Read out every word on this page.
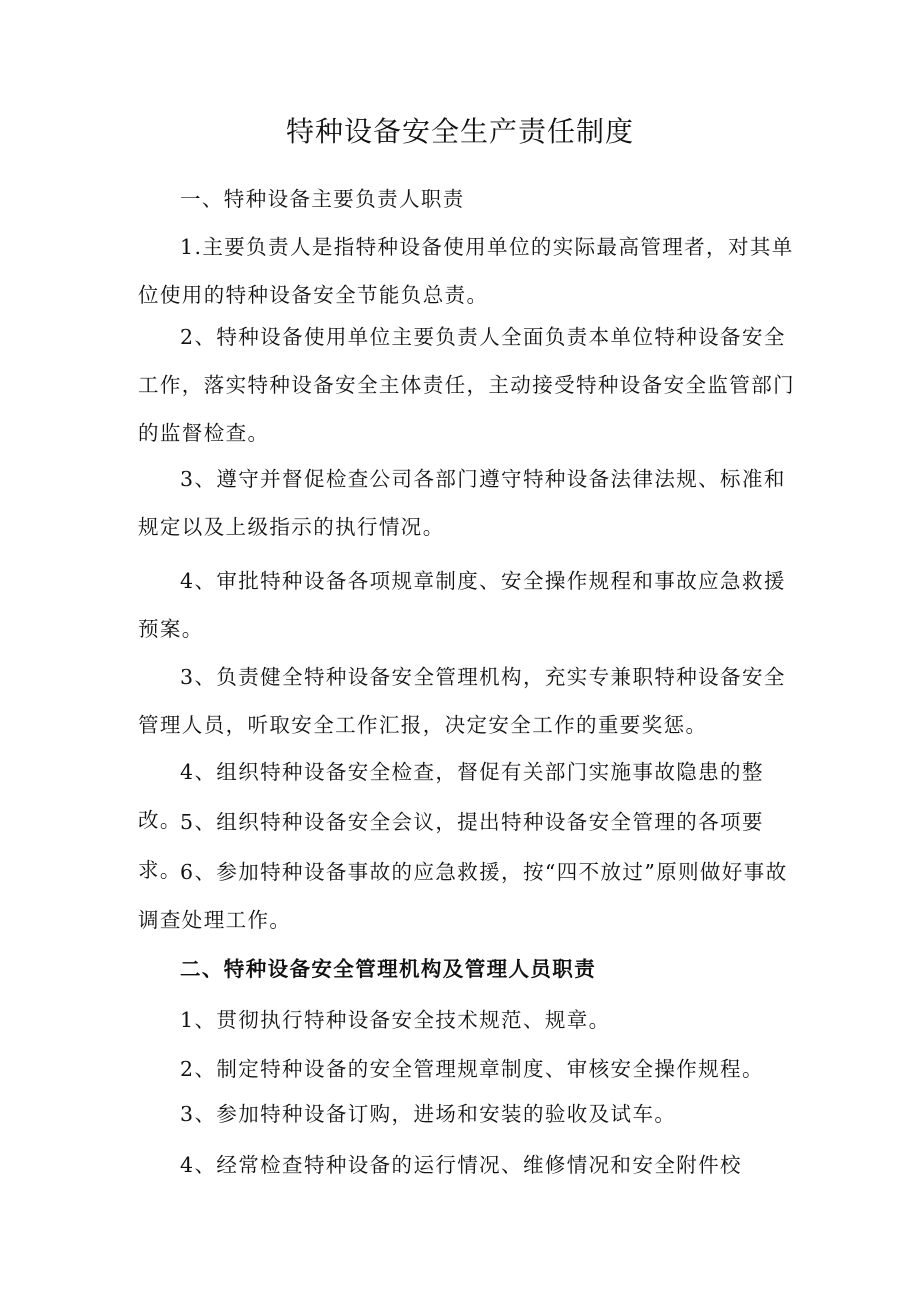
特种设备安全生产责任制度

一、特种设备主要负责人职责

1.主要负责人是指特种设备使用单位的实际最高管理者，对其单位使用的特种设备安全节能负总责。

2、特种设备使用单位主要负责人全面负责本单位特种设备安全工作，落实特种设备安全主体责任，主动接受特种设备安全监管部门的监督检查。

3、遵守并督促检查公司各部门遵守特种设备法律法规、标准和规定以及上级指示的执行情况。

4、审批特种设备各项规章制度、安全操作规程和事故应急救援预案。

3、负责健全特种设备安全管理机构，充实专兼职特种设备安全管理人员，听取安全工作汇报，决定安全工作的重要奖惩。

4、组织特种设备安全检查，督促有关部门实施事故隐患的整改。

5、组织特种设备安全会议，提出特种设备安全管理的各项要求。

6、参加特种设备事故的应急救援，按“四不放过”原则做好事故调查处理工作。

二、特种设备安全管理机构及管理人员职责

1、贯彻执行特种设备安全技术规范、规章。

2、制定特种设备的安全管理规章制度、审核安全操作规程。

3、参加特种设备订购，进场和安装的验收及试车。

4、经常检查特种设备的运行情况、维修情况和安全附件校
